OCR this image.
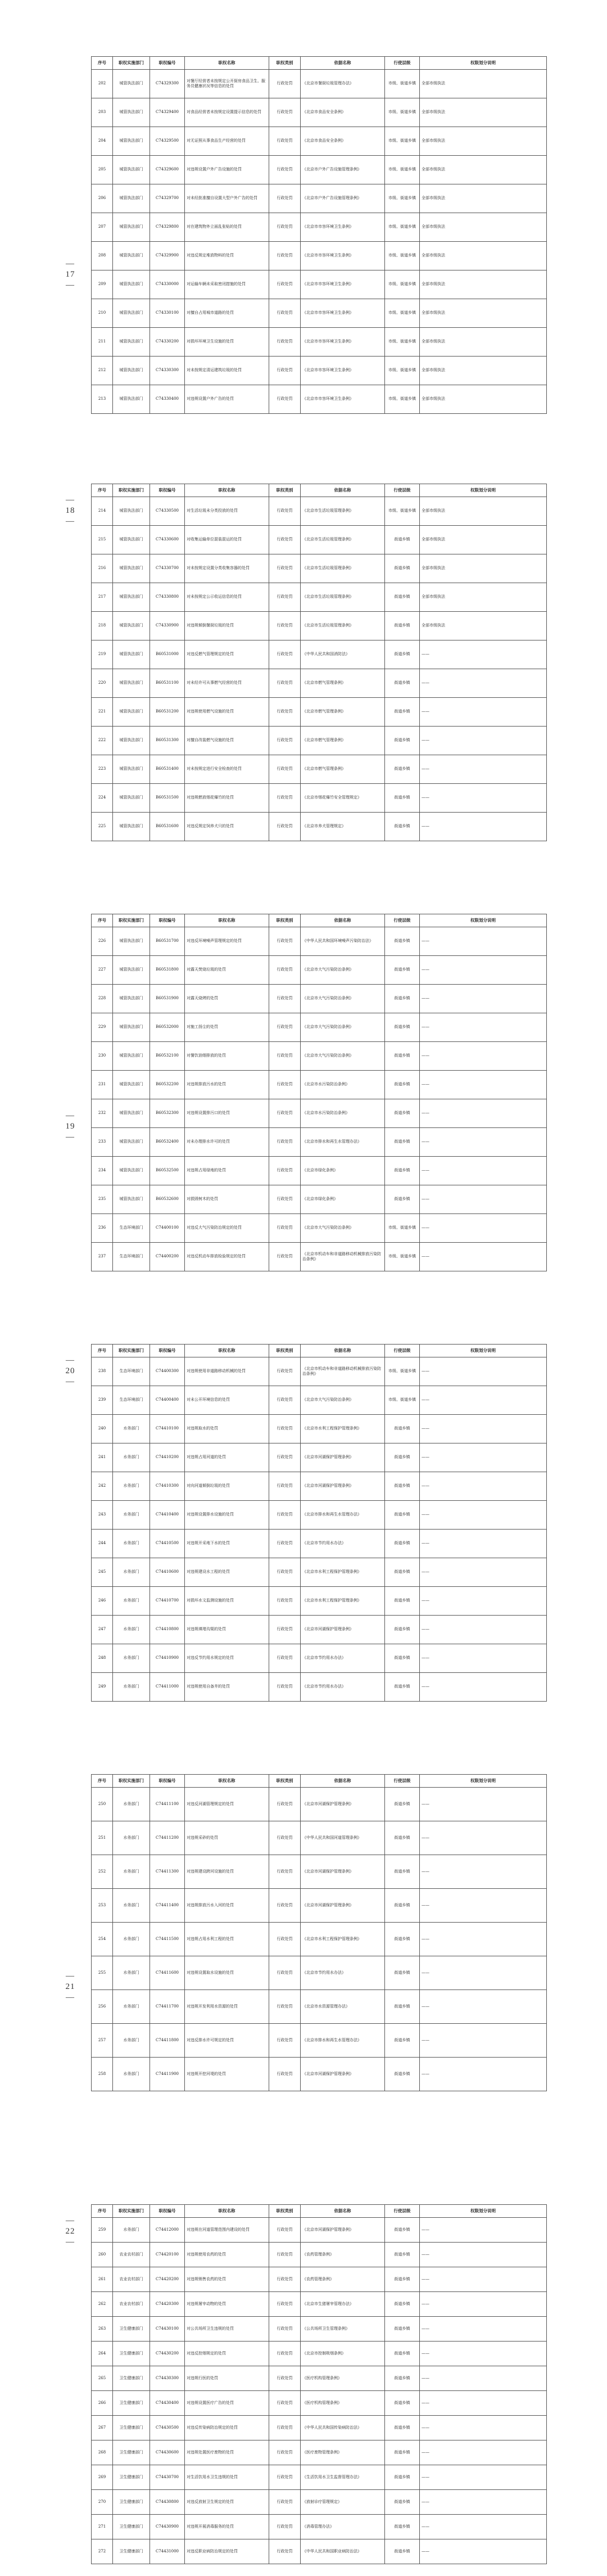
— 17 —
序号	职权实施部门	职权编号	职权名称	职权类别	依据名称	行使层级	权限划分说明
202	城管执法部门	C74329300	对餐厅经营者未按规定公开厨房食品卫生、服务员健康状况等信息的处罚	行政处罚	《北京市餐厨垃圾管理办法》	市级、街道乡镇	全部市级执法
203	城管执法部门	C74329400	对食品经营者未按规定设置提示信息的处罚	行政处罚	《北京市食品安全条例》	市级、街道乡镇	全部市级执法
204	城管执法部门	C74329500	对无证照从事食品生产经营的处罚	行政处罚	《北京市食品安全条例》	市级、街道乡镇	全部市级执法
205	城管执法部门	C74329600	对违规设置户外广告设施的处罚	行政处罚	《北京市户外广告设施管理条例》	市级、街道乡镇	全部市级执法
206	城管执法部门	C74329700	对未经批准擅自设置大型户外广告的处罚	行政处罚	《北京市户外广告设施管理条例》	市级、街道乡镇	全部市级执法
207	城管执法部门	C74329800	对在建筑物外立面乱张贴的处罚	行政处罚	《北京市市容环境卫生条例》	市级、街道乡镇	全部市级执法
208	城管执法部门	C74329900	对违反规定堆放物料的处罚	行政处罚	《北京市市容环境卫生条例》	市级、街道乡镇	全部市级执法
209	城管执法部门	C74330000	对运输车辆未采取密闭措施的处罚	行政处罚	《北京市市容环境卫生条例》	市级、街道乡镇	全部市级执法
210	城管执法部门	C74330100	对擅自占用城市道路的处罚	行政处罚	《北京市市容环境卫生条例》	市级、街道乡镇	全部市级执法
211	城管执法部门	C74330200	对损坏环境卫生设施的处罚	行政处罚	《北京市市容环境卫生条例》	市级、街道乡镇	全部市级执法
212	城管执法部门	C74330300	对未按规定清运建筑垃圾的处罚	行政处罚	《北京市市容环境卫生条例》	市级、街道乡镇	全部市级执法
213	城管执法部门	C74330400	对违规设置户外广告的处罚	行政处罚	《北京市市容环境卫生条例》	市级、街道乡镇	全部市级执法
— 18 —
序号	职权实施部门	职权编号	职权名称	职权类别	依据名称	行使层级	权限划分说明
214	城管执法部门	C74330500	对生活垃圾未分类投放的处罚	行政处罚	《北京市生活垃圾管理条例》	市级、街道乡镇	全部市级执法
215	城管执法部门	C74330600	对收集运输单位混装混运的处罚	行政处罚	《北京市生活垃圾管理条例》	街道乡镇	全部市级执法
216	城管执法部门	C74330700	对未按规定设置分类收集容器的处罚	行政处罚	《北京市生活垃圾管理条例》	街道乡镇	全部市级执法
217	城管执法部门	C74330800	对未按规定公示收运信息的处罚	行政处罚	《北京市生活垃圾管理条例》	街道乡镇	全部市级执法
218	城管执法部门	C74330900	对违规倾倒餐厨垃圾的处罚	行政处罚	《北京市生活垃圾管理条例》	街道乡镇	全部市级执法
219	城管执法部门	B60531000	对违反燃气管理规定的处罚	行政处罚	《中华人民共和国消防法》	街道乡镇	——
220	城管执法部门	B60531100	对未经许可从事燃气经营的处罚	行政处罚	《北京市燃气管理条例》	街道乡镇	——
221	城管执法部门	B60531200	对违规使用燃气设施的处罚	行政处罚	《北京市燃气管理条例》	街道乡镇	——
222	城管执法部门	B60531300	对擅自改装燃气设施的处罚	行政处罚	《北京市燃气管理条例》	街道乡镇	——
223	城管执法部门	B60531400	对未按规定进行安全检查的处罚	行政处罚	《北京市燃气管理条例》	街道乡镇	——
224	城管执法部门	B60531500	对违规燃放烟花爆竹的处罚	行政处罚	《北京市烟花爆竹安全管理规定》	街道乡镇	——
225	城管执法部门	B60531600	对违反规定饲养犬只的处罚	行政处罚	《北京市养犬管理规定》	街道乡镇	——
— 19 —
序号	职权实施部门	职权编号	职权名称	职权类别	依据名称	行使层级	权限划分说明
226	城管执法部门	B60531700	对违反环境噪声管理规定的处罚	行政处罚	《中华人民共和国环境噪声污染防治法》	街道乡镇	——
227	城管执法部门	B60531800	对露天焚烧垃圾的处罚	行政处罚	《北京市大气污染防治条例》	街道乡镇	——
228	城管执法部门	B60531900	对露天烧烤的处罚	行政处罚	《北京市大气污染防治条例》	街道乡镇	——
229	城管执法部门	B60532000	对施工扬尘的处罚	行政处罚	《北京市大气污染防治条例》	街道乡镇	——
230	城管执法部门	B60532100	对餐饮油烟排放的处罚	行政处罚	《北京市大气污染防治条例》	街道乡镇	——
231	城管执法部门	B60532200	对违规排放污水的处罚	行政处罚	《北京市水污染防治条例》	街道乡镇	——
232	城管执法部门	B60532300	对违规设置排污口的处罚	行政处罚	《北京市水污染防治条例》	街道乡镇	——
233	城管执法部门	B60532400	对未办理排水许可的处罚	行政处罚	《北京市排水和再生水管理办法》	街道乡镇	——
234	城管执法部门	B60532500	对违规占用绿地的处罚	行政处罚	《北京市绿化条例》	街道乡镇	——
235	城管执法部门	B60532600	对损毁树木的处罚	行政处罚	《北京市绿化条例》	街道乡镇	——
236	生态环境部门	C74400100	对违反大气污染防治规定的处罚	行政处罚	《北京市大气污染防治条例》	市级、街道乡镇	——
237	生态环境部门	C74400200	对违反机动车排放检验规定的处罚	行政处罚	《北京市机动车和非道路移动机械排放污染防治条例》	市级、街道乡镇	——
— 20 —
序号	职权实施部门	职权编号	职权名称	职权类别	依据名称	行使层级	权限划分说明
238	生态环境部门	C74400300	对违规使用非道路移动机械的处罚	行政处罚	《北京市机动车和非道路移动机械排放污染防治条例》	市级、街道乡镇	——
239	生态环境部门	C74400400	对未公开环境信息的处罚	行政处罚	《北京市大气污染防治条例》	市级、街道乡镇	——
240	水务部门	C74410100	对违规取水的处罚	行政处罚	《北京市水利工程保护管理条例》	街道乡镇	——
241	水务部门	C74410200	对违规占用河道的处罚	行政处罚	《北京市河湖保护管理条例》	街道乡镇	——
242	水务部门	C74410300	对向河道倾倒垃圾的处罚	行政处罚	《北京市河湖保护管理条例》	街道乡镇	——
243	水务部门	C74410400	对违规设置排水设施的处罚	行政处罚	《北京市排水和再生水管理办法》	街道乡镇	——
244	水务部门	C74410500	对违规开采地下水的处罚	行政处罚	《北京市节约用水办法》	街道乡镇	——
245	水务部门	C74410600	对违规建设水工程的处罚	行政处罚	《北京市水利工程保护管理条例》	街道乡镇	——
246	水务部门	C74410700	对损坏水文监测设施的处罚	行政处罚	《北京市水利工程保护管理条例》	街道乡镇	——
247	水务部门	C74410800	对违规填堵沟渠的处罚	行政处罚	《北京市河湖保护管理条例》	街道乡镇	——
248	水务部门	C74410900	对违反节约用水规定的处罚	行政处罚	《北京市节约用水办法》	街道乡镇	——
249	水务部门	C74411000	对违规使用自备井的处罚	行政处罚	《北京市节约用水办法》	街道乡镇	——
— 21 —
序号	职权实施部门	职权编号	职权名称	职权类别	依据名称	行使层级	权限划分说明
250	水务部门	C74411100	对违反河湖管理规定的处罚	行政处罚	《北京市河湖保护管理条例》	街道乡镇	——
251	水务部门	C74411200	对违规采砂的处罚	行政处罚	《中华人民共和国河道管理条例》	街道乡镇	——
252	水务部门	C74411300	对违规建设跨河设施的处罚	行政处罚	《北京市河湖保护管理条例》	街道乡镇	——
253	水务部门	C74411400	对违规排放污水入河的处罚	行政处罚	《北京市河湖保护管理条例》	街道乡镇	——
254	水务部门	C74411500	对违规占用水利工程的处罚	行政处罚	《北京市水利工程保护管理条例》	街道乡镇	——
255	水务部门	C74411600	对违规设置取水设施的处罚	行政处罚	《北京市节约用水办法》	街道乡镇	——
256	水务部门	C74411700	对违规开发利用水资源的处罚	行政处罚	《北京市水资源管理办法》	街道乡镇	——
257	水务部门	C74411800	对违反排水许可规定的处罚	行政处罚	《北京市排水和再生水管理办法》	街道乡镇	——
258	水务部门	C74411900	对违规开挖河堤的处罚	行政处罚	《北京市河湖保护管理条例》	街道乡镇	——
— 22 —
序号	职权实施部门	职权编号	职权名称	职权类别	依据名称	行使层级	权限划分说明
259	水务部门	C74412000	对违规在河道管理范围内建设的处罚	行政处罚	《北京市河湖保护管理条例》	街道乡镇	——
260	农业农村部门	C74420100	对违规使用农药的处罚	行政处罚	《农药管理条例》	街道乡镇	——
261	农业农村部门	C74420200	对违规销售农药的处罚	行政处罚	《农药管理条例》	街道乡镇	——
262	农业农村部门	C74420300	对违规屠宰动物的处罚	行政处罚	《北京市生猪屠宰管理办法》	街道乡镇	——
263	卫生健康部门	C74430100	对公共场所卫生违规的处罚	行政处罚	《公共场所卫生管理条例》	街道乡镇	——
264	卫生健康部门	C74430200	对违反控烟规定的处罚	行政处罚	《北京市控制吸烟条例》	街道乡镇	——
265	卫生健康部门	C74430300	对违规行医的处罚	行政处罚	《医疗机构管理条例》	街道乡镇	——
266	卫生健康部门	C74430400	对违规设置医疗广告的处罚	行政处罚	《医疗机构管理条例》	街道乡镇	——
267	卫生健康部门	C74430500	对违反传染病防治规定的处罚	行政处罚	《中华人民共和国传染病防治法》	街道乡镇	——
268	卫生健康部门	C74430600	对违规处置医疗废物的处罚	行政处罚	《医疗废物管理条例》	街道乡镇	——
269	卫生健康部门	C74430700	对生活饮用水卫生违规的处罚	行政处罚	《生活饮用水卫生监督管理办法》	街道乡镇	——
270	卫生健康部门	C74430800	对违反放射卫生规定的处罚	行政处罚	《放射诊疗管理规定》	街道乡镇	——
271	卫生健康部门	C74430900	对违规开展消毒服务的处罚	行政处罚	《消毒管理办法》	街道乡镇	——
272	卫生健康部门	C74431000	对违反职业病防治规定的处罚	行政处罚	《中华人民共和国职业病防治法》	街道乡镇	——
